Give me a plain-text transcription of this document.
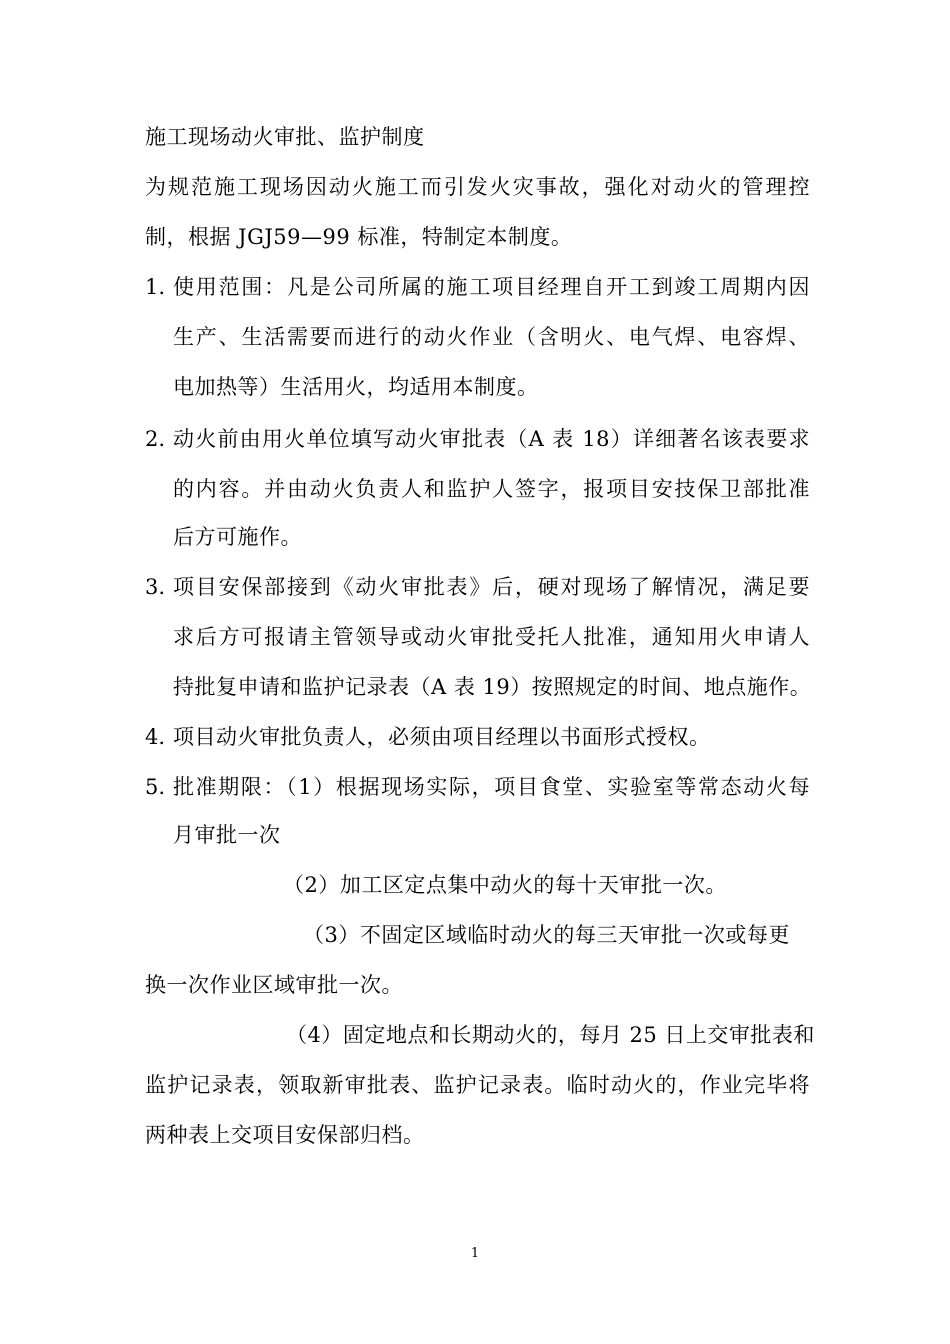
施工现场动火审批、监护制度
为规范施工现场因动火施工而引发火灾事故，强化对动火的管理控
制，根据 JGJ59—99 标准，特制定本制度。
1. 使用范围：凡是公司所属的施工项目经理自开工到竣工周期内因
生产、生活需要而进行的动火作业（含明火、电气焊、电容焊、
电加热等）生活用火，均适用本制度。
2. 动火前由用火单位填写动火审批表（A 表 18）详细著名该表要求
的内容。并由动火负责人和监护人签字，报项目安技保卫部批准
后方可施作。
3. 项目安保部接到《动火审批表》后，硬对现场了解情况，满足要
求后方可报请主管领导或动火审批受托人批准，通知用火申请人
持批复申请和监护记录表（A 表 19）按照规定的时间、地点施作。
4. 项目动火审批负责人，必须由项目经理以书面形式授权。
5. 批准期限：（1）根据现场实际，项目食堂、实验室等常态动火每
月审批一次
（2）加工区定点集中动火的每十天审批一次。
（3）不固定区域临时动火的每三天审批一次或每更
换一次作业区域审批一次。
（4）固定地点和长期动火的，每月 25 日上交审批表和
监护记录表，领取新审批表、监护记录表。临时动火的，作业完毕将
两种表上交项目安保部归档。
1
